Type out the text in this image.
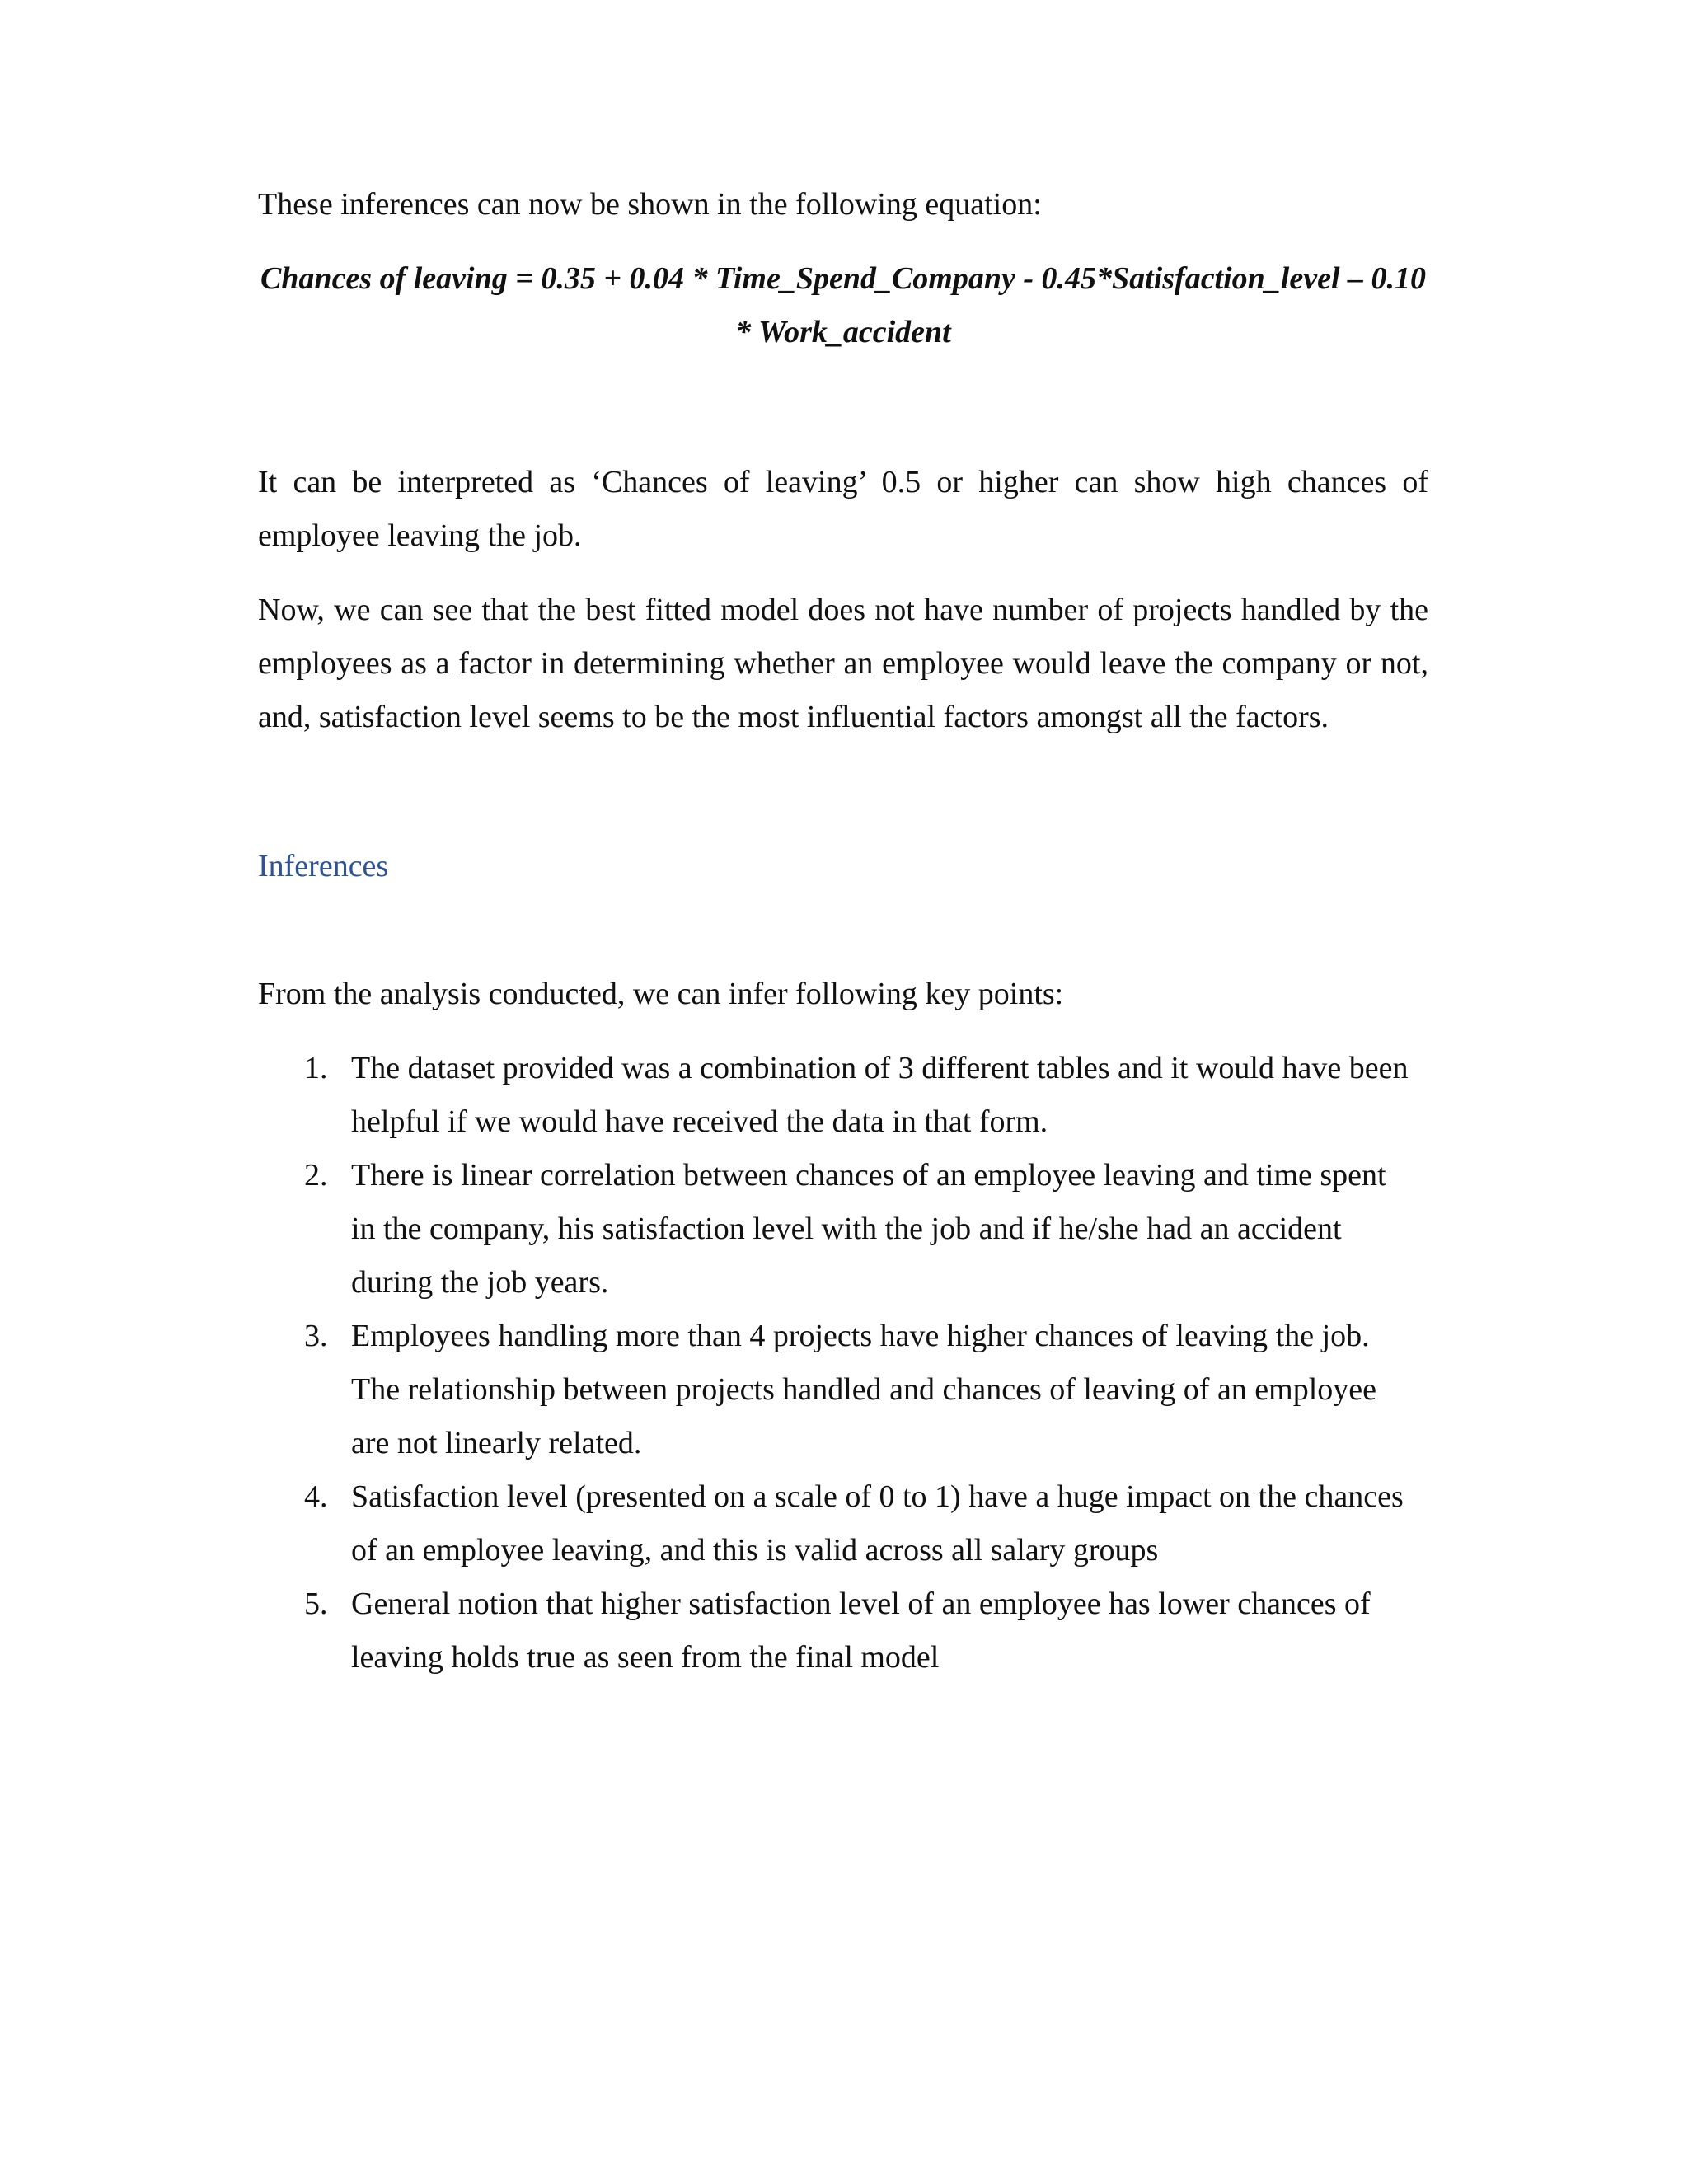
These inferences can now be shown in the following equation:

Chances of leaving = 0.35 + 0.04 * Time_Spend_Company - 0.45*Satisfaction_level – 0.10
* Work_accident

It can be interpreted as ‘Chances of leaving’ 0.5 or higher can show high chances of employee leaving the job.

Now, we can see that the best fitted model does not have number of projects handled by the employees as a factor in determining whether an employee would leave the company or not, and, satisfaction level seems to be the most influential factors amongst all the factors.

Inferences

From the analysis conducted, we can infer following key points:

1. The dataset provided was a combination of 3 different tables and it would have been helpful if we would have received the data in that form.
2. There is linear correlation between chances of an employee leaving and time spent in the company, his satisfaction level with the job and if he/she had an accident during the job years.
3. Employees handling more than 4 projects have higher chances of leaving the job. The relationship between projects handled and chances of leaving of an employee are not linearly related.
4. Satisfaction level (presented on a scale of 0 to 1) have a huge impact on the chances of an employee leaving, and this is valid across all salary groups
5. General notion that higher satisfaction level of an employee has lower chances of leaving holds true as seen from the final model
